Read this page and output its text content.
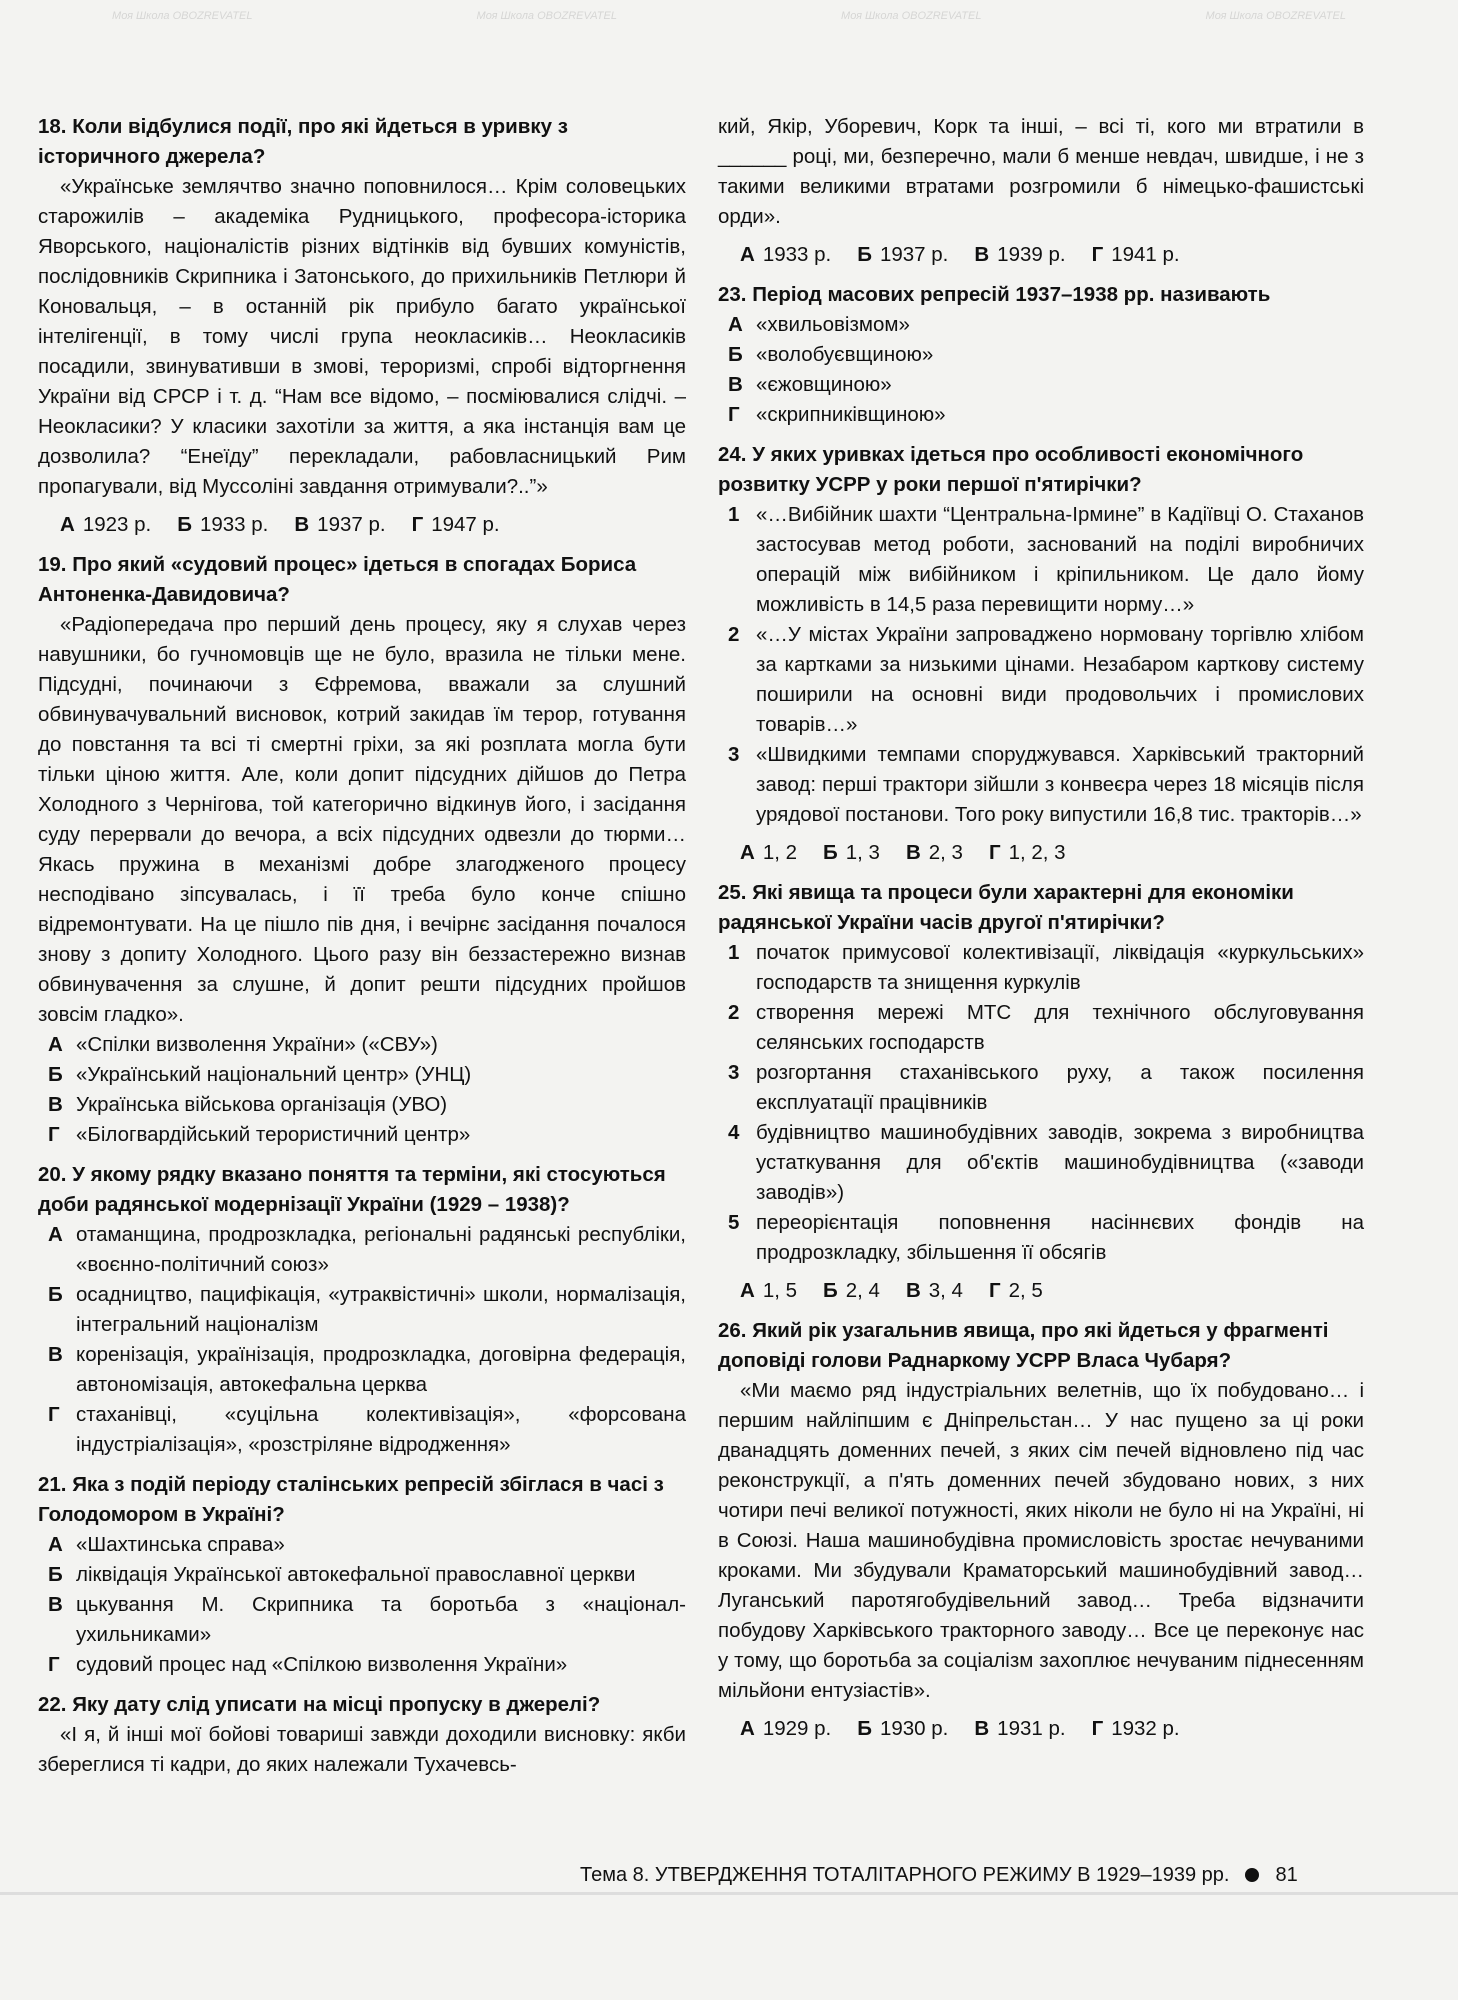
Моя Школа OBOZREVATEL	Моя Школа OBOZREVATEL	Моя Школа OBOZREVATEL	Моя Школа OBOZREVATEL

18. Коли відбулися події, про які йдеться в уривку з історичного джерела?

«Українське землячтво значно поповнилося… Крім соловецьких старожилів – академіка Рудницького, професора-історика Яворського, націоналістів різних відтінків від бувших комуністів, послідовників Скрипника і Затонського, до прихильників Петлюри й Коновальця, – в останній рік прибуло багато української інтелігенції, в тому числі група неокласиків… Неокласиків посадили, звинувативши в змові, тероризмі, спробі відторгнення України від СРСР і т. д. “Нам все відомо, – посміювалися слідчі. – Неокласики? У класики захотіли за життя, а яка інстанція вам це дозволила? “Енеїду” перекладали, рабовласницький Рим пропагували, від Муссоліні завдання отримували?..”»

А 1923 р. Б 1933 р. В 1937 р. Г 1947 р.

19. Про який «судовий процес» ідеться в спогадах Бориса Антоненка-Давидовича?

«Радіопередача про перший день процесу, яку я слухав через навушники, бо гучномовців ще не було, вразила не тільки мене. Підсудні, починаючи з Єфремова, вважали за слушний обвинувачувальний висновок, котрий закидав їм терор, готування до повстання та всі ті смертні гріхи, за які розплата могла бути тільки ціною життя. Але, коли допит підсудних дійшов до Петра Холодного з Чернігова, той категорично відкинув його, і засідання суду перервали до вечора, а всіх підсудних одвезли до тюрми… Якась пружина в механізмі добре злагодженого процесу несподівано зіпсувалась, і її треба було конче спішно відремонтувати. На це пішло пів дня, і вечірнє засідання почалося знову з допиту Холодного. Цього разу він беззастережно визнав обвинувачення за слушне, й допит решти підсудних пройшов зовсім гладко».

А «Спілки визволення України» («СВУ»)
Б «Український національний центр» (УНЦ)
В Українська військова організація (УВО)
Г «Білогвардійський терористичний центр»

20. У якому рядку вказано поняття та терміни, які стосуються доби радянської модернізації України (1929 – 1938)?

А отаманщина, продрозкладка, регіональні радянські республіки, «воєнно-політичний союз»
Б осадництво, пацифікація, «утраквістичні» школи, нормалізація, інтегральний націоналізм
В коренізація, українізація, продрозкладка, договірна федерація, автономізація, автокефальна церква
Г стаханівці, «суцільна колективізація», «форсована індустріалізація», «розстріляне відродження»

21. Яка з подій періоду сталінських репресій збіглася в часі з Голодомором в Україні?

А «Шахтинська справа»
Б ліквідація Української автокефальної православної церкви
В цькування М. Скрипника та боротьба з «націонал-ухильниками»
Г судовий процес над «Спілкою визволення України»

22. Яку дату слід уписати на місці пропуску в джерелі?

«І я, й інші мої бойові товариші завжди доходили висновку: якби збереглися ті кадри, до яких належали Тухачевсь-

кий, Якір, Уборевич, Корк та інші, – всі ті, кого ми втратили в ______ році, ми, безперечно, мали б менше невдач, швидше, і не з такими великими втратами розгромили б німецько-фашистські орди».

А 1933 р. Б 1937 р. В 1939 р. Г 1941 р.

23. Період масових репресій 1937–1938 рр. називають

А «хвильовізмом»
Б «волобуєвщиною»
В «єжовщиною»
Г «скрипниківщиною»

24. У яких уривках ідеться про особливості економічного розвитку УСРР у роки першої п'ятирічки?

1 «…Вибійник шахти “Центральна-Ірмине” в Кадіївці О. Стаханов застосував метод роботи, заснований на поділі виробничих операцій між вибійником і кріпильником. Це дало йому можливість в 14,5 раза перевищити норму…»
2 «…У містах України запроваджено нормовану торгівлю хлібом за картками за низькими цінами. Незабаром карткову систему поширили на основні види продовольчих і промислових товарів…»
3 «Швидкими темпами споруджувався. Харківський тракторний завод: перші трактори зійшли з конвеєра через 18 місяців після урядової постанови. Того року випустили 16,8 тис. тракторів…»
А 1, 2 Б 1, 3 В 2, 3 Г 1, 2, 3

25. Які явища та процеси були характерні для економіки радянської України часів другої п'ятирічки?

1 початок примусової колективізації, ліквідація «куркульських» господарств та знищення куркулів
2 створення мережі МТС для технічного обслуговування селянських господарств
3 розгортання стаханівського руху, а також посилення експлуатації працівників
4 будівництво машинобудівних заводів, зокрема з виробництва устаткування для об'єктів машинобудівництва («заводи заводів»)
5 переорієнтація поповнення насіннєвих фондів на продрозкладку, збільшення її обсягів
А 1, 5 Б 2, 4 В 3, 4 Г 2, 5

26. Який рік узагальнив явища, про які йдеться у фрагменті доповіді голови Раднаркому УСРР Власа Чубаря?

«Ми маємо ряд індустріальних велетнів, що їх побудовано… і першим найліпшим є Дніпрельстан… У нас пущено за ці роки дванадцять доменних печей, з яких сім печей відновлено під час реконструкції, а п'ять доменних печей збудовано нових, з них чотири печі великої потужності, яких ніколи не було ні на Україні, ні в Союзі. Наша машинобудівна промисловість зростає нечуваними кроками. Ми збудували Краматорський машинобудівний завод… Луганський паротягобудівельний завод… Треба відзначити побудову Харківського тракторного заводу… Все це переконує нас у тому, що боротьба за соціалізм захоплює нечуваним піднесенням мільйони ентузіастів».

А 1929 р. Б 1930 р. В 1931 р. Г 1932 р.
Тема 8. УТВЕРДЖЕННЯ ТОТАЛІТАРНОГО РЕЖИМУ В 1929–1939 рр. 81
